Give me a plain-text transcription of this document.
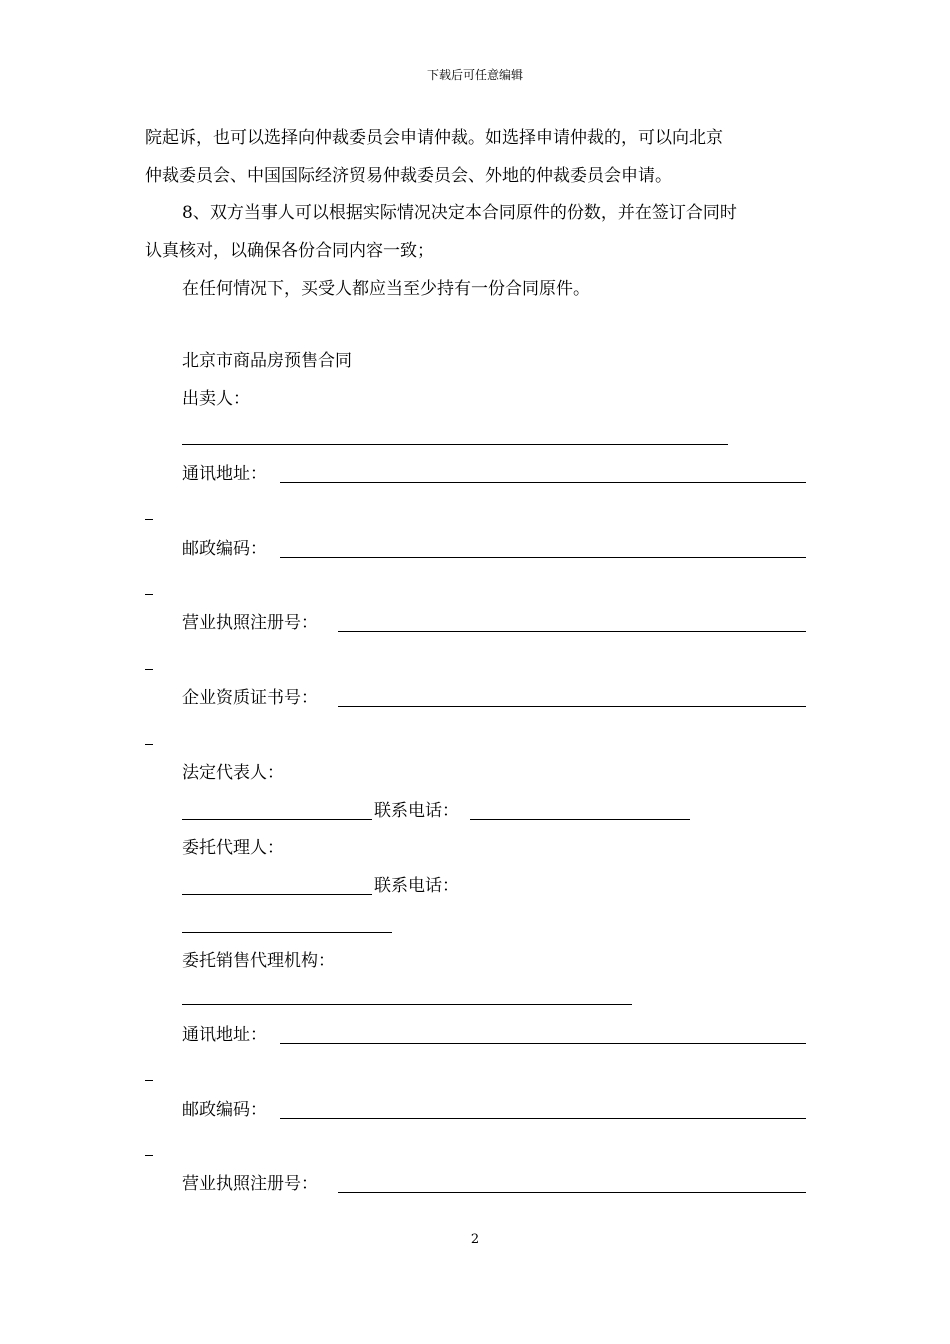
下载后可任意编辑
院起诉，也可以选择向仲裁委员会申请仲裁。如选择申请仲裁的，可以向北京
仲裁委员会、中国国际经济贸易仲裁委员会、外地的仲裁委员会申请。
8、双方当事人可以根据实际情况决定本合同原件的份数，并在签订合同时
认真核对，以确保各份合同内容一致；
在任何情况下，买受人都应当至少持有一份合同原件。
北京市商品房预售合同
出卖人：
通讯地址：
邮政编码：
营业执照注册号：
企业资质证书号：
法定代表人：
联系电话：
委托代理人：
联系电话：
委托销售代理机构：
通讯地址：
邮政编码：
营业执照注册号：
2
